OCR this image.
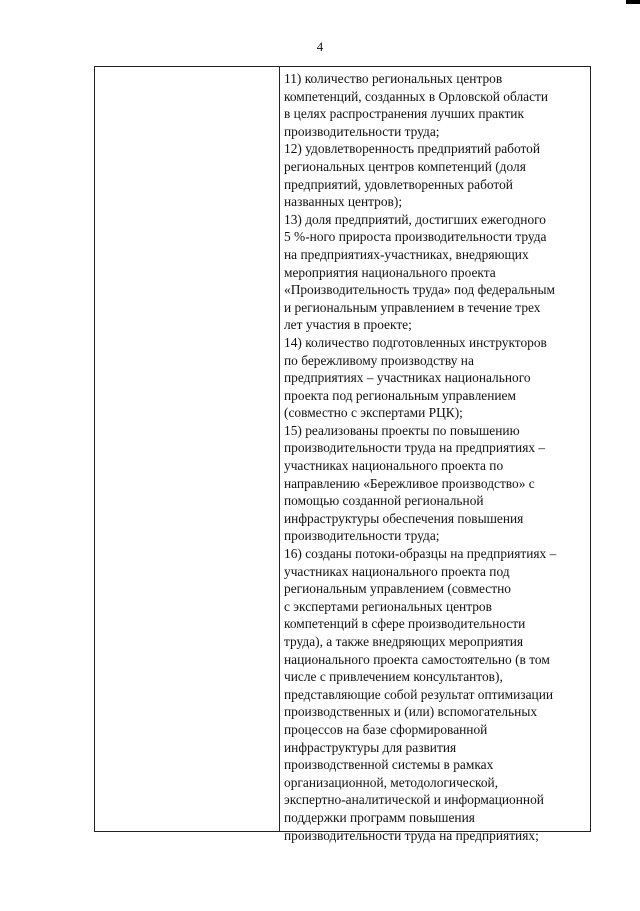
4

11) количество региональных центров
компетенций, созданных в Орловской области
в целях распространения лучших практик
производительности труда;

12) удовлетворенность предприятий работой
региональных центров компетенций (доля
предприятий, удовлетворенных работой
названных центров);

13) доля предприятий, достигших ежегодного
5 %-ного прироста производительности труда
на предприятиях-участниках, внедряющих
мероприятия национального проекта
«Производительность труда» под федеральным
и региональным управлением в течение трех
лет участия в проекте;

14) количество подготовленных инструкторов
по бережливому производству на
предприятиях – участниках национального
проекта под региональным управлением
(совместно с экспертами РЦК);

15) реализованы проекты по повышению
производительности труда на предприятиях –
участниках национального проекта по
направлению «Бережливое производство» с
помощью созданной региональной
инфраструктуры обеспечения повышения
производительности труда;

16) созданы потоки-образцы на предприятиях –
участниках национального проекта под
региональным управлением (совместно
с экспертами региональных центров
компетенций в сфере производительности
труда), а также внедряющих мероприятия
национального проекта самостоятельно (в том
числе с привлечением консультантов),
представляющие собой результат оптимизации
производственных и (или) вспомогательных
процессов на базе сформированной
инфраструктуры для развития
производственной системы в рамках
организационной, методологической,
экспертно-аналитической и информационной
поддержки программ повышения
производительности труда на предприятиях;
